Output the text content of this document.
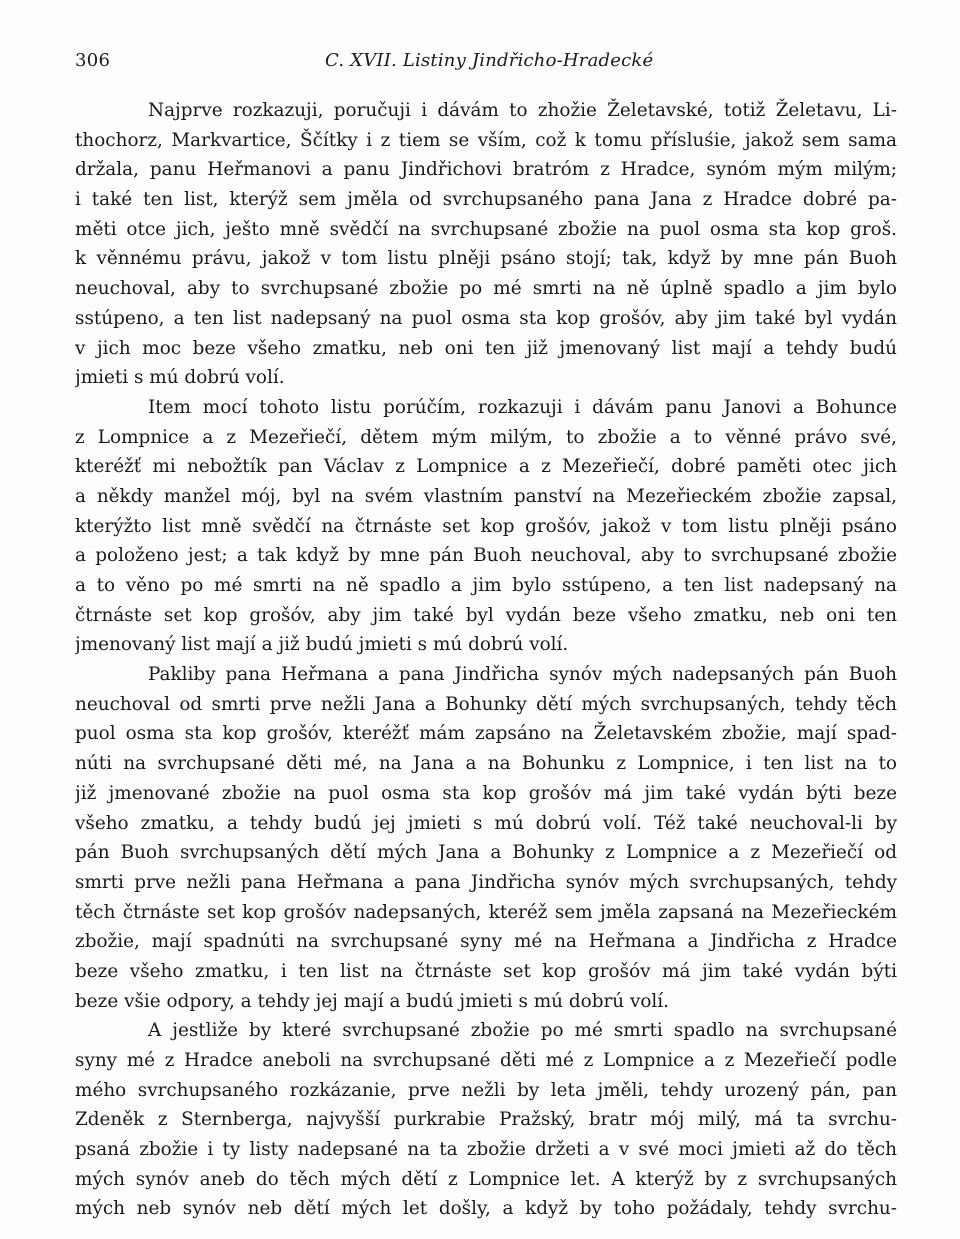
306	C. XVII. Listiny Jindřicho-Hradecké
Najprve rozkazuji, poručuji i dávám to zhožie Želetavské, totiž Želetavu, Li-
thochorz, Markvartice, Ščítky i z tiem se vším, což k tomu přísluśie, jakož sem sama
držala, panu Heřmanovi a panu Jindřichovi bratróm z Hradce, synóm mým milým;
i také ten list, kterýž sem jměla od svrchupsaného pana Jana z Hradce dobré pa-
měti otce jich, ještо mně svědčí na svrchupsané zbožie na puol osma sta kop groš.
k věnnému právu, jakož v tom listu plněji psáno stojí; tak, když by mne pán Buoh
neuchoval, aby to svrchupsané zbožie po mé smrti na ně úplně spadlo a jim bylo
sstúpeno, a ten list nadepsaný na puol osma sta kop grošóv, aby jim také byl vydán
v jich moc beze všeho zmatku, neb oni ten již jmenovaný list mají a tehdy budú
jmieti s mú dobrú volí.
Item mocí tohoto listu porúčím, rozkazuji i dávám panu Janovi a Bohunce
z Lompnice a z Mezeřiečí, dětem mým milým, to zbožie a to věnné právo své,
kteréžť mi nebožtík pan Václav z Lompnice a z Mezeřiečí, dobré paměti otec jich
a někdy manžel mój, byl na svém vlastním panství na Mezeřieckém zbožie zapsal,
kterýžto list mně svědčí na čtrnáste set kop grošóv, jakož v tom listu plněji psáno
a položeno jest; a tak když by mne pán Buoh neuchoval, aby to svrchupsané zbožie
a to věno po mé smrti na ně spadlo a jim bylo sstúpeno, a ten list nadepsaný na
čtrnáste set kop grošóv, aby jim také byl vydán beze všeho zmatku, neb oni ten
jmenovaný list mají a již budú jmieti s mú dobrú volí.
Pakliby pana Heřmana a pana Jindřicha synóv mých nadepsaných pán Buoh
neuchoval od smrti prve nežli Jana a Bohunky dětí mých svrchupsaných, tehdy těch
puol osma sta kop grošóv, kteréžť mám zapsáno na Želetavském zbožie, mají spad-
núti na svrchupsané děti mé, na Jana a na Bohunku z Lompnice, i ten list na to
již jmenované zbožie na puol osma sta kop grošóv má jim také vydán býti beze
všeho zmatku, a tehdy budú jej jmieti s mú dobrú volí. Též také neuchoval-li by
pán Buoh svrchupsaných dětí mých Jana a Bohunky z Lompnice a z Mezeřiečí od
smrti prve nežli pana Heřmana a pana Jindřicha synóv mých svrchupsaných, tehdy
těch čtrnáste set kop grošóv nadepsaných, kteréž sem jměla zapsaná na Mezeřieckém
zbožie, mají spadnúti na svrchupsané syny mé na Heřmana a Jindřicha z Hradce
beze všeho zmatku, i ten list na čtrnáste set kop grošóv má jim také vydán býti
beze všie odpory, a tehdy jej mají a budú jmieti s mú dobrú volí.
A jestliže by které svrchupsané zbožie po mé smrti spadlo na svrchupsané
syny mé z Hradce aneboli na svrchupsané děti mé z Lompnice a z Mezeřiečí podle
mého svrchupsaného rozkázanie, prve nežli by leta jměli, tehdy urozený pán, pan
Zdeněk z Sternberga, najvyšší purkrabie Pražský, bratr mój milý, má ta svrchu-
psaná zbožie i ty listy nadepsané na ta zbožie držeti a v své moci jmieti až do těch
mých synóv aneb do těch mých dětí z Lompnice let. A kterýž by z svrchupsaných
mých neb synóv neb dětí mých let došly, a když by toho požádaly, tehdy svrchu-
